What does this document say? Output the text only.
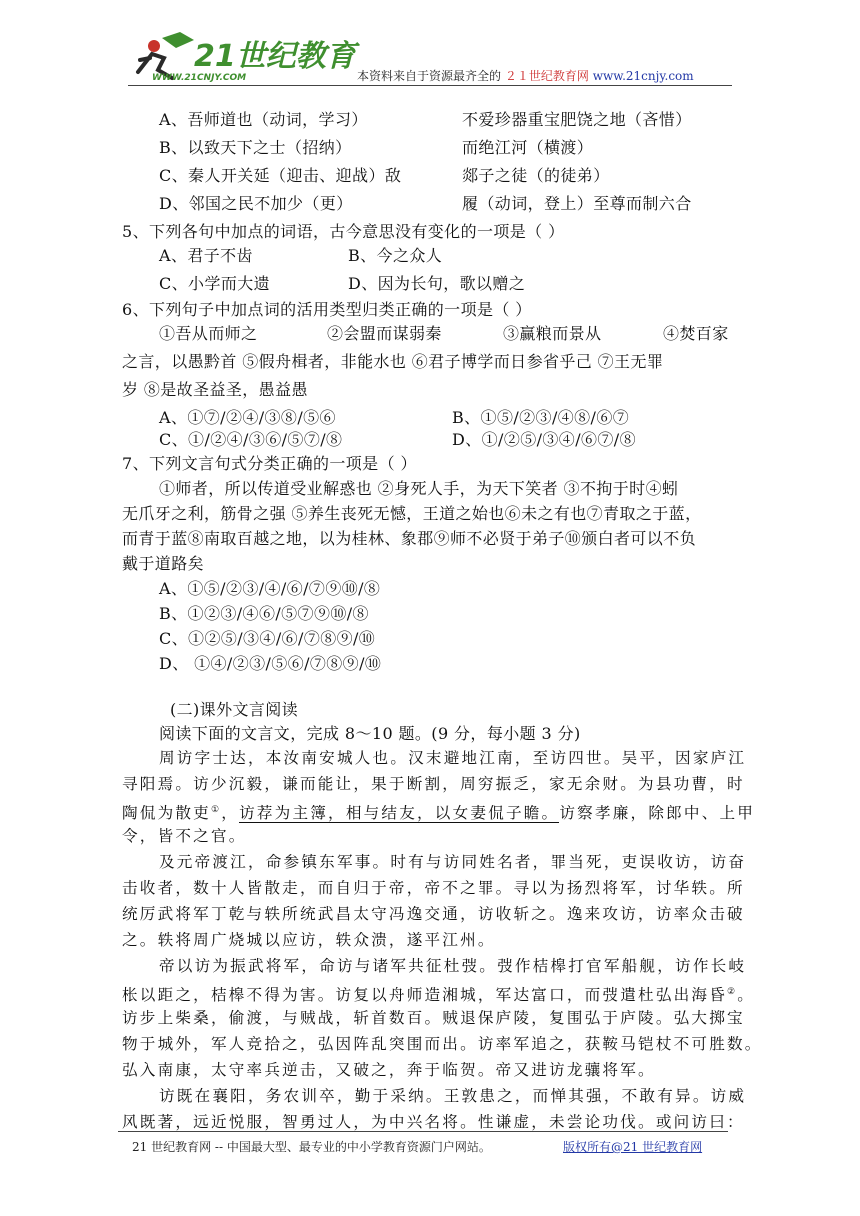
21世纪教育
WWW.21CNJY.COM	本资料来自于资源最齐全的 ２１世纪教育网 www.21cnjy.com
A、吾师道也（动词，学习）	不爱珍器重宝肥饶之地（吝惜）
B、以致天下之士（招纳）	而绝江河（横渡）
C、秦人开关延（迎击、迎战）敌	郯子之徒（的徒弟）
D、邻国之民不加少（更）	履（动词，登上）至尊而制六合
5、下列各句中加点的词语，古今意思没有变化的一项是（ ）
A、君子不齿	B、今之众人
C、小学而大遗	D、因为长句，歌以赠之
6、下列句子中加点词的活用类型归类正确的一项是（ ）
①吾从而师之	②会盟而谋弱秦	③赢粮而景从	④焚百家
之言，以愚黔首 ⑤假舟楫者，非能水也 ⑥君子博学而日参省乎己 ⑦王无罪
岁 ⑧是故圣益圣，愚益愚
A、①⑦/②④/③⑧/⑤⑥	B、①⑤/②③/④⑧/⑥⑦
C、①/②④/③⑥/⑤⑦/⑧	D、①/②⑤/③④/⑥⑦/⑧
7、下列文言句式分类正确的一项是（ ）
①师者，所以传道受业解惑也 ②身死人手，为天下笑者 ③不拘于时④蚓
无爪牙之利，筋骨之强 ⑤养生丧死无憾，王道之始也⑥未之有也⑦青取之于蓝，
而青于蓝⑧南取百越之地，以为桂林、象郡⑨师不必贤于弟子⑩颁白者可以不负
戴于道路矣
A、①⑤/②③/④/⑥/⑦⑨⑩/⑧
B、①②③/④⑥/⑤⑦⑨⑩/⑧
C、①②⑤/③④/⑥/⑦⑧⑨/⑩
D、 ①④/②③/⑤⑥/⑦⑧⑨/⑩
(二)课外文言阅读
阅读下面的文言文，完成 8～10 题。(9 分，每小题 3 分)
周访字士达，本汝南安城人也。汉末避地江南，至访四世。吴平，因家庐江
寻阳焉。访少沉毅，谦而能让，果于断割，周穷振乏，家无余财。为县功曹，时
陶侃为散吏①，访荐为主簿，相与结友，以女妻侃子瞻。访察孝廉，除郎中、上甲
令，皆不之官。
及元帝渡江，命参镇东军事。时有与访同姓名者，罪当死，吏误收访，访奋
击收者，数十人皆散走，而自归于帝，帝不之罪。寻以为扬烈将军，讨华轶。所
统厉武将军丁乾与轶所统武昌太守冯逸交通，访收斩之。逸来攻访，访率众击破
之。轶将周广烧城以应访，轶众溃，遂平江州。
帝以访为振武将军，命访与诸军共征杜弢。弢作桔槔打官军船舰，访作长岐
枨以距之，桔槔不得为害。访复以舟师造湘城，军达富口，而弢遣杜弘出海昏②。
访步上柴桑，偷渡，与贼战，斩首数百。贼退保庐陵，复围弘于庐陵。弘大掷宝
物于城外，军人竞拾之，弘因阵乱突围而出。访率军追之，获鞍马铠杖不可胜数。
弘入南康，太守率兵逆击，又破之，奔于临贺。帝又进访龙骧将军。
访既在襄阳，务农训卒，勤于采纳。王敦患之，而惮其强，不敢有异。访威
风既著，远近悦服，智勇过人，为中兴名将。性谦虚，未尝论功伐。或问访曰：
21 世纪教育网 -- 中国最大型、最专业的中小学教育资源门户网站。	版权所有@21 世纪教育网
